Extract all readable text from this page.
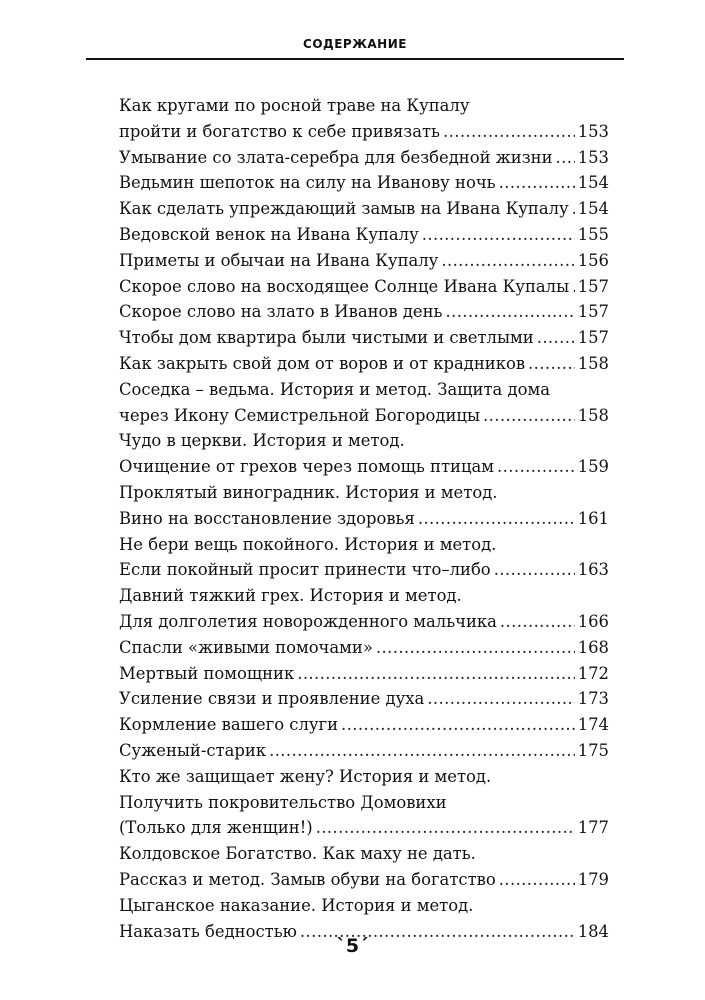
СОДЕРЖАНИЕ
Как кругами по росной траве на Купалу
пройти и богатство к себе привязать .....	153
Умывание со злата-серебра для безбедной жизни ..... 153
Ведьмин шепоток на силу на Иванову ночь .....	154
Как сделать упреждающий замыв на Ивана Купалу ..... 154
Ведовской венок на Ивана Купалу .....	155
Приметы и обычаи на Ивана Купалу .....	156
Скорое слово на восходящее Солнце Ивана Купалы ..... 157
Скорое слово на злато в Иванов день .....	157
Чтобы дом квартира были чистыми и светлыми .....	157
Как закрыть свой дом от воров и от крадников .....	158
Соседка – ведьма. История и метод. Защита дома
через Икону Семистрельной Богородицы .....	158
Чудо в церкви. История и метод.
Очищение от грехов через помощь птицам .....	159
Проклятый виноградник. История и метод.
Вино на восстановление здоровья .....	161
Не бери вещь покойного. История и метод.
Если покойный просит принести что–либо .....	163
Давний тяжкий грех. История и метод.
Для долголетия новорожденного мальчика .....	166
Спасли «живыми помочами» .....	168
Мертвый помощник .....	172
Усиление связи и проявление духа .....	173
Кормление вашего слуги .....	174
Суженый-старик .....	175
Кто же защищает жену? История и метод.
Получить покровительство Домовихи
(Только для женщин!) .....	177
Колдовское Богатство. Как маху не дать.
Рассказ и метод. Замыв обуви на богатство .....	179
Цыганское наказание. История и метод.
Наказать бедностью .....	184
`5´
